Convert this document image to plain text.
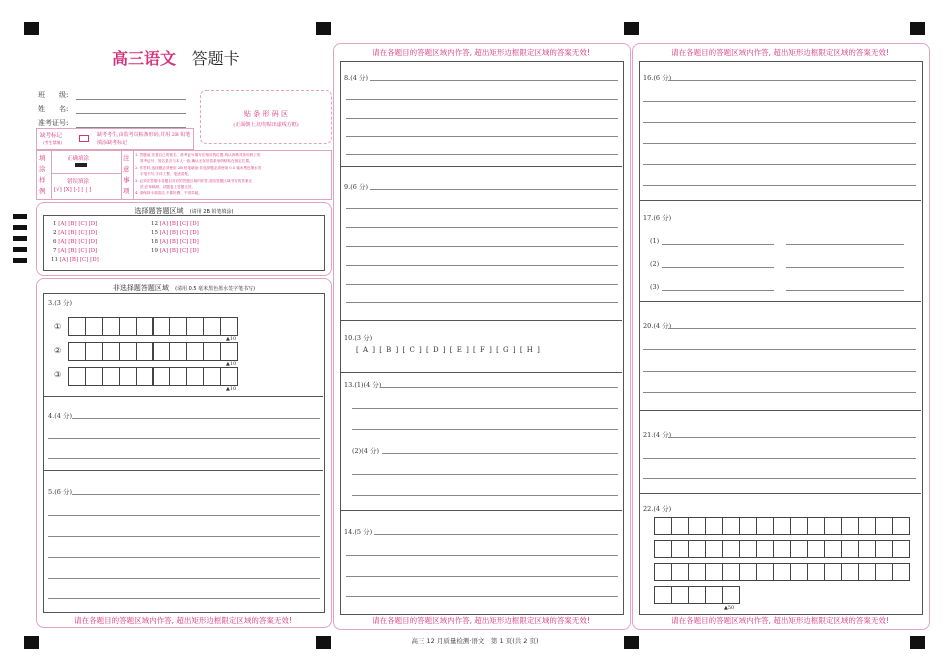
高三语文 答题卡
班　　级:
姓　　名:
准考证号:
贴 条 形 码 区
(正面朝上,切勿贴出虚线方框)
缺考标记
(考生禁填)
缺考考生,由监考员粘条形码,并用 2B 铅笔填涂缺考标记
填
涂
样
例
正确填涂
错误填涂
[√] [X] [-] [ | ]
注
意
事
项
1. 答题前,先将自己的姓名、准考证号填写在相应的位置,再认真核对条形码上的
准考证号、姓名是否与本人一致,确认无误后将条形码粘贴在规定位置。
2. 作答时,选择题必须使用 2B 铅笔填涂;非选择题必须使用 0.5 毫米黑色墨水签
字笔书写,字体工整、笔迹清楚。
3. 必须在答题卡各题目对应的答题区域内作答,超出答题区域书写的答案无
效;在草稿纸、试题卷上答题无效。
4. 请保持卡面清洁,不要折叠、不得弄破。
选择题答题区域 (请用 2B 铅笔填涂)
1 [A] [B] [C] [D]
2 [A] [B] [C] [D]
6 [A] [B] [C] [D]
7 [A] [B] [C] [D]
11 [A] [B] [C] [D]
12 [A] [B] [C] [D]
15 [A] [B] [C] [D]
18 [A] [B] [C] [D]
19 [A] [B] [C] [D]
非选择题答题区域 (请用 0.5 毫米黑色墨水签字笔书写)
3.(3 分)
①
②
③
▲10
▲10
▲10
4.(4 分)
5.(6 分)
请在各题目的答题区域内作答, 超出矩形边框限定区域的答案无效!
请在各题目的答题区域内作答, 超出矩形边框限定区域的答案无效!
请在各题目的答题区域内作答, 超出矩形边框限定区域的答案无效!
8.(4 分)
9.(6 分)
10.(3 分)
[ A ] [ B ] [ C ] [ D ] [ E ] [ F ] [ G ] [ H ]
13.(1)(4 分)
(2)(4 分)
14.(5 分)
请在各题目的答题区域内作答, 超出矩形边框限定区域的答案无效!
请在各题目的答题区域内作答, 超出矩形边框限定区域的答案无效!
16.(6 分)
17.(6 分)
(1)
(2)
(3)
20.(4 分)
21.(4 分)
22.(4 分)
▲50
高三 12 月质量检测·语文　第 1 页(共 2 页)
